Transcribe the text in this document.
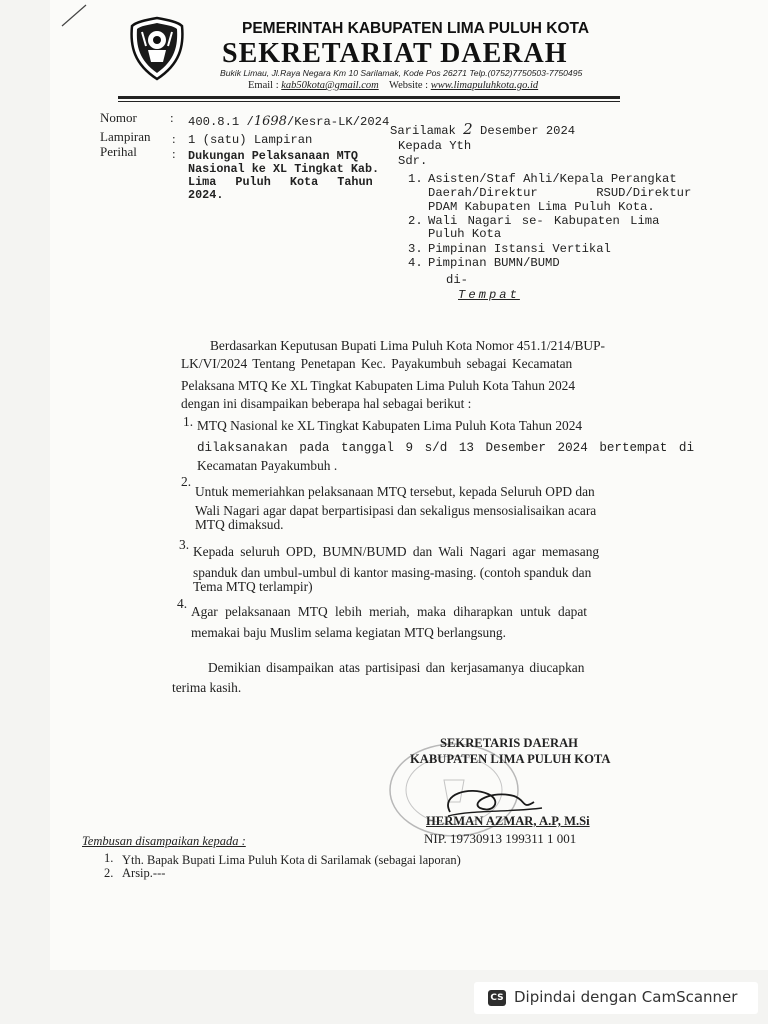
PEMERINTAH KABUPATEN LIMA PULUH KOTA
SEKRETARIAT DAERAH
Bukik Limau, Jl.Raya Negara Km 10 Sarilamak, Kode Pos 26271 Telp.(0752)7750503-7750495
Email : kab50kota@gmail.com Website : www.limapuluhkota.go.id
Nomor	: 400.8.1 /1698/Kesra-LK/2024
Lampiran : 1 (satu) Lampiran
Perihal	: Dukungan Pelaksanaan MTQ
Nasional ke XL Tingkat Kab.
Lima Puluh Kota Tahun
2024.
Sarilamak 2 Desember 2024
Kepada Yth
Sdr.
1. Asisten/Staf Ahli/Kepala Perangkat
Daerah/Direktur        RSUD/Direktur
PDAM Kabupaten Lima Puluh Kota.
2. Wali Nagari se- Kabupaten Lima
Puluh Kota
3. Pimpinan Istansi Vertikal
4. Pimpinan BUMN/BUMD
di-
Tempat
Berdasarkan Keputusan Bupati Lima Puluh Kota Nomor 451.1/214/BUP-
LK/VI/2024 Tentang Penetapan Kec. Payakumbuh sebagai Kecamatan
Pelaksana MTQ Ke XL Tingkat Kabupaten Lima Puluh Kota Tahun 2024
dengan ini disampaikan beberapa hal sebagai berikut :
1. MTQ Nasional ke XL Tingkat Kabupaten Lima Puluh Kota Tahun 2024
dilaksanakan pada tanggal 9 s/d 13 Desember 2024 bertempat di
Kecamatan Payakumbuh .
2.
Untuk memeriahkan pelaksanaan MTQ tersebut, kepada Seluruh OPD dan
Wali Nagari agar dapat berpartisipasi dan sekaligus mensosialisaikan acara
MTQ dimaksud.
3. Kepada seluruh OPD, BUMN/BUMD dan Wali Nagari agar memasang
spanduk dan umbul-umbul di kantor masing-masing. (contoh spanduk dan
Tema MTQ terlampir)
4.
Agar pelaksanaan MTQ lebih meriah, maka diharapkan untuk dapat
memakai baju Muslim selama kegiatan MTQ berlangsung.
Demikian disampaikan atas partisipasi dan kerjasamanya diucapkan
terima kasih.
SEKRETARIS DAERAH
KABUPATEN LIMA PULUH KOTA
HERMAN AZMAR, A.P, M.Si
NIP. 19730913 199311 1 001
Tembusan disampaikan kepada :
1. Yth. Bapak Bupati Lima Puluh Kota di Sarilamak (sebagai laporan)
2. Arsip.---
CS Dipindai dengan CamScanner
